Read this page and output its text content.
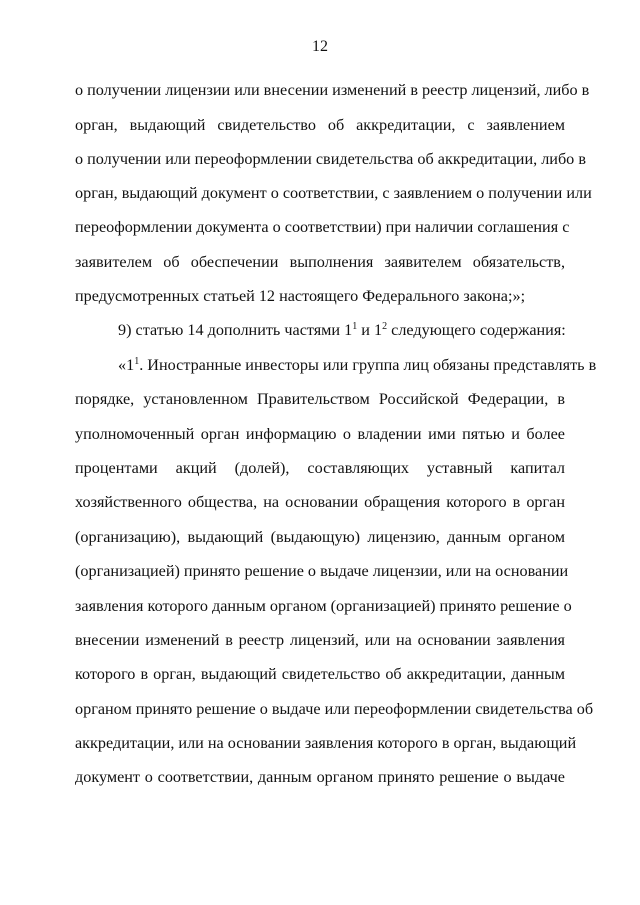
12
о получении лицензии или внесении изменений в реестр лицензий, либо в
орган, выдающий свидетельство об аккредитации, с заявлением
о получении или переоформлении свидетельства об аккредитации, либо в
орган, выдающий документ о соответствии, с заявлением о получении или
переоформлении документа о соответствии) при наличии соглашения с
заявителем об обеспечении выполнения заявителем обязательств,
предусмотренных статьей 12 настоящего Федерального закона;»;
9) статью 14 дополнить частями $1^1$ и $1^2$ следующего содержания:
«$1^1$. Иностранные инвесторы или группа лиц обязаны представлять в
порядке, установленном Правительством Российской Федерации, в
уполномоченный орган информацию о владении ими пятью и более
процентами акций (долей), составляющих уставный капитал
хозяйственного общества, на основании обращения которого в орган
(организацию), выдающий (выдающую) лицензию, данным органом
(организацией) принято решение о выдаче лицензии, или на основании
заявления которого данным органом (организацией) принято решение о
внесении изменений в реестр лицензий, или на основании заявления
которого в орган, выдающий свидетельство об аккредитации, данным
органом принято решение о выдаче или переоформлении свидетельства об
аккредитации, или на основании заявления которого в орган, выдающий
документ о соответствии, данным органом принято решение о выдаче
